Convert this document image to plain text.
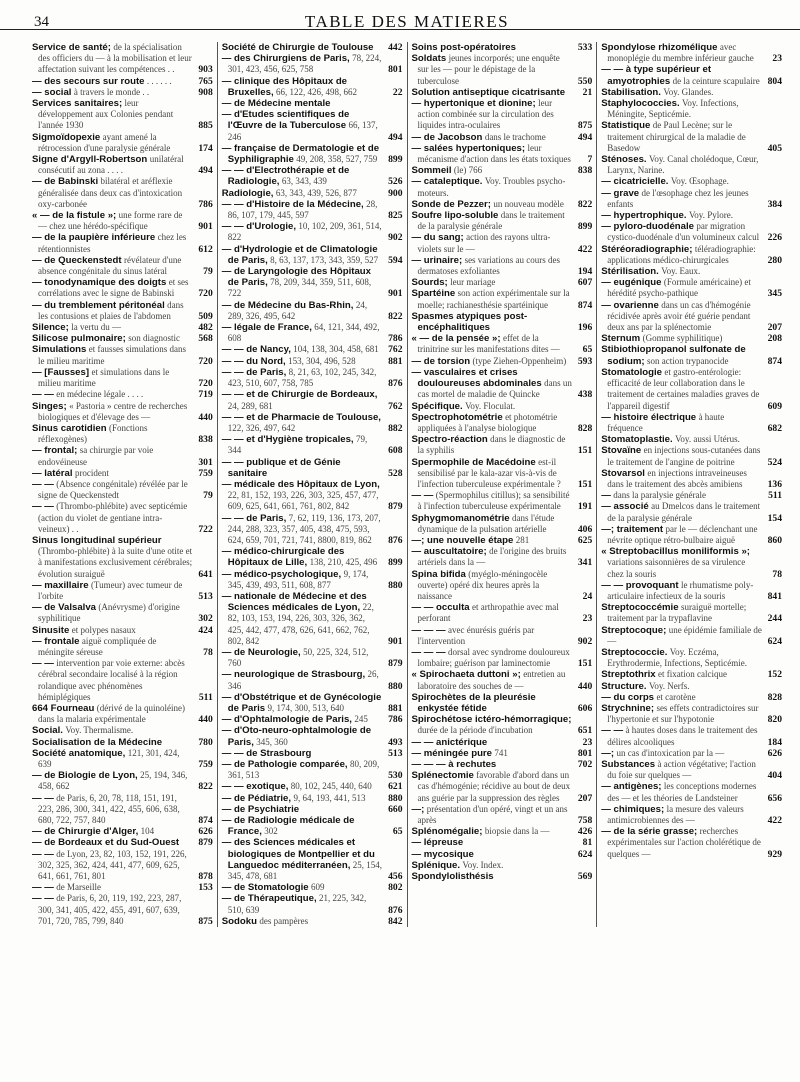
34	TABLE DES MATIERES
Service de santé; de la spécialisation des officiers du — à la mobilisation et leur affectation suivant les compétences . .	903
— des secours sur route . . . . . .	765
— social à travers le monde . .	908
Services sanitaires; leur développement aux Colonies pendant l'année 1930	885
Sigmoïdopexie ayant amené la rétrocession d'une paralysie générale	174
Signe d'Argyll-Robertson unilatéral consécutif au zona . . . .	494
— de Babinski bilatéral et aréflexie généralisée dans deux cas d'intoxication oxy-carbonée	786
« — de la fistule »; une forme rare de — chez une hérédo-spécifique	901
— de la paupière inférieure chez les rétentionnistes	612
— de Queckenstedt révélateur d'une absence congénitale du sinus latéral	79
— tonodynamique des doigts et ses corrélations avec le signe de Babinski	720
— du tremblement péritonéal dans les contusions et plaies de l'abdomen	509
Silence; la vertu du —	482
Silicose pulmonaire; son diagnostic	568
Simulations et fausses simulations dans le milieu maritime	720
— [Fausses] et simulations dans le milieu maritime	720
— — en médecine légale . . . .	719
Singes; « Pastoria » centre de recherches biologiques et d'élevage des —	440
Sinus carotidien (Fonctions réflexogènes)	838
— frontal; sa chirurgie par voie endovéineuse	301
— latéral procident	759
— — (Absence congénitale) révélée par le signe de Queckenstedt	79
— — (Thrombo-phlébite) avec septicémie (action du violet de gentiane intra-veineux) . .	722
Sinus longitudinal supérieur (Thrombo-phlébite) à la suite d'une otite et à manifestations exclusivement cérébrales; évolution suraiguë	641
— maxillaire (Tumeur) avec tumeur de l'orbite	513
— de Valsalva (Anévrysme) d'origine syphilitique	302
Sinusite et polypes nasaux	424
— frontale aiguë compliquée de méningite séreuse	78
— — intervention par voie externe: abcès cérébral secondaire localisé à la région rolandique avec phénomènes hémiplégiques	511
664 Fourneau (dérivé de la quinoléine) dans la malaria expérimentale	440
Social. Voy. Thermalisme.
Socialisation de la Médecine	780
Société anatomique, 121, 301, 424, 639	759
— de Biologie de Lyon, 25, 194, 346, 458, 662	822
— — de Paris, 6, 20, 78, 118, 151, 191, 223, 286, 300, 341, 422, 455, 606, 638, 680, 722, 757, 840	874
— de Chirurgie d'Alger, 104	626
— de Bordeaux et du Sud-Ouest	879
— — de Lyon, 23, 82, 103, 152, 191, 226, 302, 325, 362, 424, 441, 477, 609, 625, 641, 661, 761, 801	878
— — de Marseille	153
— — de Paris, 6, 20, 119, 192, 223, 287, 300, 341, 405, 422, 455, 491, 607, 639, 701, 720, 785, 799, 840	875
Société de Chirurgie de Toulouse	442
— des Chirurgiens de Paris, 78, 224, 301, 423, 456, 625, 758	801
— clinique des Hôpitaux de Bruxelles, 66, 122, 426, 498, 662	22
— de Médecine mentale
— d'Etudes scientifiques de l'Œuvre de la Tuberculose 66, 137, 246	494
— française de Dermatologie et de Syphiligraphie 49, 208, 358, 527, 759	899
— — d'Electrothérapie et de Radiologie, 63, 343, 439	526
Radiologie, 63, 343, 439, 526, 877	900
— — d'Histoire de la Médecine, 28, 86, 107, 179, 445, 597	825
— — d'Urologie, 10, 102, 209, 361, 514, 822	902
— d'Hydrologie et de Climatologie de Paris, 8, 63, 137, 173, 343, 359, 527	594
— de Laryngologie des Hôpitaux de Paris, 78, 209, 344, 359, 511, 608, 722	901
— de Médecine du Bas-Rhin, 24, 289, 326, 495, 642	822
— légale de France, 64, 121, 344, 492, 608	786
— — de Nancy, 104, 138, 304, 458, 681 762
— — du Nord, 153, 304, 496, 528	881
— — de Paris, 8, 21, 63, 102, 245, 342, 423, 510, 607, 758, 785	876
— — et de Chirurgie de Bordeaux, 24, 289, 681	762
— — et de Pharmacie de Toulouse, 122, 326, 497, 642	882
— — et d'Hygiène tropicales, 79, 344	608
— — publique et de Génie sanitaire	528
— médicale des Hôpitaux de Lyon, 22, 81, 152, 193, 226, 303, 325, 457, 477, 609, 625, 641, 661, 761, 802, 842	879
— — de Paris, 7, 62, 119, 136, 173, 207, 244, 288, 323, 357, 405, 438, 475, 593, 624, 659, 701, 721, 741, 8800, 819, 862	876
— médico-chirurgicale des Hôpitaux de Lille, 138, 210, 425, 496	899
— médico-psychologique, 9, 174, 345, 439, 493, 511, 608, 877	880
— nationale de Médecine et des Sciences médicales de Lyon, 22, 82, 103, 153, 194, 226, 303, 326, 362, 425, 442, 477, 478, 626, 641, 662, 762, 802, 842	901
— de Neurologie, 50, 225, 324, 512, 760	879
— neurologique de Strasbourg, 26, 346	880
— d'Obstétrique et de Gynécologie de Paris 9, 174, 300, 513, 640	881
— d'Ophtalmologie de Paris, 245	786
— d'Oto-neuro-ophtalmologie de Paris, 345, 360	493
— — de Strasbourg	513
— de Pathologie comparée, 80, 209, 361, 513	530
— — exotique, 80, 102, 245, 440, 640	621
— de Pédiatrie, 9, 64, 193, 441, 513	880
— de Psychiatrie	660
— de Radiologie médicale de France, 302	65
— des Sciences médicales et biologiques de Montpellier et du Languedoc méditerranéen, 25, 154, 345, 478, 681	456
— de Stomatologie 609	802
— de Thérapeutique, 21, 225, 342, 510, 639	876
Sodoku des pampères	842
Soins post-opératoires	533
Soldats jeunes incorporés; une enquête sur les — pour le dépistage de la tuberculose	550
Solution antiseptique cicatrisante	21
— hypertonique et dionine; leur action combinée sur la circulation des liquides intra-oculaires	875
— de Jacobson dans le trachome	494
— salées hypertoniques; leur mécanisme d'action dans les états toxiques	7
Sommeil (le) 766	838
— cataleptique. Voy. Troubles psycho-moteurs.
Sonde de Pezzer; un nouveau modèle	822
Soufre lipo-soluble dans le traitement de la paralysie générale	899
— du sang; action des rayons ultra-violets sur le —	422
— urinaire; ses variations au cours des dermatoses exfoliantes	194
Sourds; leur mariage	607
Spartéine son action expérimentale sur la moelle; rachianesthésie spartéinique	874
Spasmes atypiques post-encéphalitiques	196
« — de la pensée »; effet de la trinitrine sur les manifestations dites —	65
— de torsion (type Ziehen-Oppenheim)	593
— vasculaires et crises douloureuses abdominales dans un cas mortel de maladie de Quincke	438
Spécifique. Voy. Floculat.
Spectrophotométrie et photométrie appliquées à l'analyse biologique	828
Spectro-réaction dans le diagnostic de la syphilis	151
Spermophile de Macédoine est-il sensibilisé par le kala-azar vis-à-vis de l'infection tuberculeuse expérimentale ?	151
— — (Spermophilus citillus); sa sensibilité à l'infection tuberculeuse expérimentale	191
Sphygmomanométrie dans l'étude dynamique de la pulsation artérielle	406
—; une nouvelle étape 281	625
— auscultatoire; de l'origine des bruits artériels dans la —	341
Spina bifida (myéglo-méningocèle ouverte) opéré dix heures après la naissance	24
— — occulta et arthropathie avec mal perforant	23
— — — avec énurésis guéris par l'intervention	902
— — — dorsal avec syndrome douloureux lombaire; guérison par laminectomie	151
« Spirochaeta duttoni »; entretien au laboratoire des souches de —	440
Spirochètes de la pleurésie enkystée fétide	606
Spirochétose ictéro-hémorragique; durée de la période d'incubation	651
— — anictérique	23
— méningée pure 741	801
— — — à rechutes	702
Splénectomie favorable d'abord dans un cas d'hémogénie; récidive au bout de deux ans guérie par la suppression des règles	207
—; présentation d'un opéré, vingt et un ans après	758
Splénomégalie; biopsie dans la —	426
— lépreuse	81
— mycosique	624
Splénique. Voy. Index.
Spondylolisthésis	569
Spondylose rhizomélique avec monoplégie du membre inférieur gauche	23
— — à type supérieur et amyotrophies de la ceinture scapulaire 804
Stabilisation. Voy. Glandes.
Staphylococcies. Voy. Infections, Méningite, Septicémie.
Statistique de Paul Lecène; sur le traitement chirurgical de la maladie de Basedow	405
Sténoses. Voy. Canal cholédoque, Cœur, Larynx, Narine.
— cicatricielle. Voy. Œsophage.
— grave de l'œsophage chez les jeunes enfants	384
— hypertrophique. Voy. Pylore.
— pyloro-duodénale par migration cystico-duodénale d'un volumineux calcul 226
Stéréoradiographie; téléradiographie: applications médico-chirurgicales	280
Stérilisation. Voy. Eaux.
— eugénique (Formule américaine) et hérédité psycho-pathique	345
— ovarienne dans un cas d'hémogénie récidivée après avoir été guérie pendant deux ans par la splénectomie	207
Sternum (Gomme syphilitique)	208
Stibiothiopropanol sulfonate de sodium; son action trypanocide	874
Stomatologie et gastro-entérologie: efficacité de leur collaboration dans le traitement de certaines maladies graves de l'appareil digestif	609
— histoire électrique à haute fréquence	682
Stomatoplastie. Voy. aussi Utérus.
Stovaïne en injections sous-cutanées dans le traitement de l'angine de poitrine	524
Stovarsol en injections intraveineuses dans le traitement des abcès amibiens	136
— dans la paralysie générale	511
— associé au Dmelcos dans le traitement de la paralysie générale	154
—; traitement par le — déclenchant une névrite optique rétro-bulbaire aiguë	860
« Streptobacillus moniliformis »; variations saisonnières de sa virulence chez la souris	78
— — provoquant le rhumatisme poly-articulaire infectieux de la souris	841
Streptococcémie suraiguë mortelle; traitement par la trypaflavine	244
Streptocoque; une épidémie familiale de —	624
Streptococcie. Voy. Eczéma, Erythrodermie, Infections, Septicémie.
Streptothrix et fixation calcique	152
Structure. Voy. Nerfs.
— du corps et carotène	828
Strychnine; ses effets contradictoires sur l'hypertonie et sur l'hypotonie	820
— — à hautes doses dans le traitement des délires alcooliques	184
—; un cas d'intoxication par la —	626
Substances à action végétative; l'action du foie sur quelques —	404
— antigènes; les conceptions modernes des — et les théories de Landsteiner	656
— chimiques; la mesure des valeurs antimicrobiennes des —	422
— de la série grasse; recherches expérimentales sur l'action cholérétique de quelques —	929
